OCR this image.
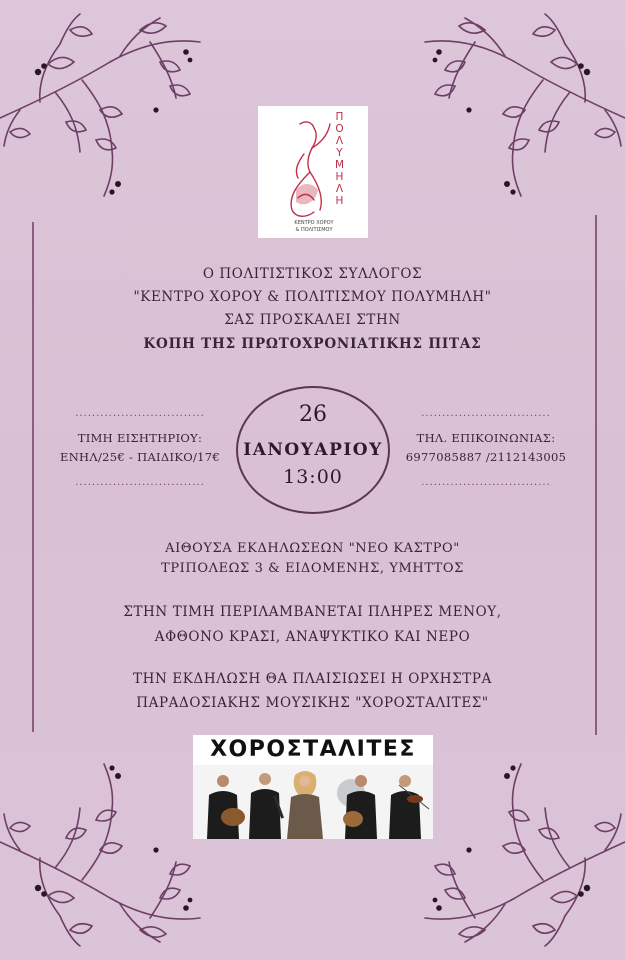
Π Ο Λ Υ Μ Η Λ Η
ΚΕΝΤΡΟ ΧΟΡΟΥ
& ΠΟΛΙΤΙΣΜΟΥ
Ο ΠΟΛΙΤΙΣΤΙΚΟΣ ΣΥΛΛΟΓΟΣ
"ΚΕΝΤΡΟ ΧΟΡΟΥ & ΠΟΛΙΤΙΣΜΟΥ ΠΟΛΥΜΗΛΗ"
ΣΑΣ ΠΡΟΣΚΑΛΕΙ ΣΤΗΝ
ΚΟΠΗ ΤΗΣ ΠΡΩΤΟΧΡΟΝΙΑΤΙΚΗΣ ΠΙΤΑΣ
...............................
ΤΙΜΗ ΕΙΣΗΤΗΡΙΟΥ:
ΕΝΗΛ/25€ - ΠΑΙΔΙΚΟ/17€
...............................
26
ΙΑΝΟΥΑΡΙΟΥ
13:00
...............................
ΤΗΛ. ΕΠΙΚΟΙΝΩΝΙΑΣ:
6977085887 /2112143005
...............................
ΑΙΘΟΥΣΑ ΕΚΔΗΛΩΣΕΩΝ "ΝΕΟ ΚΑΣΤΡΟ"
ΤΡΙΠΟΛΕΩΣ 3 & ΕΙΔΟΜΕΝΗΣ, ΥΜΗΤΤΟΣ
ΣΤΗΝ ΤΙΜΗ ΠΕΡΙΛΑΜΒΑΝΕΤΑΙ ΠΛΗΡΕΣ ΜΕΝΟΥ,
ΑΦΘΟΝΟ ΚΡΑΣΙ, ΑΝΑΨΥΚΤΙΚΟ ΚΑΙ ΝΕΡΟ
ΤΗΝ ΕΚΔΗΛΩΣΗ ΘΑ ΠΛΑΙΣΙΩΣΕΙ Η ΟΡΧΗΣΤΡΑ
ΠΑΡΑΔΟΣΙΑΚΗΣ ΜΟΥΣΙΚΗΣ "ΧΟΡΟΣΤΑΛΙΤΕΣ"
ΧΟΡΟΣΤΑΛΙΤΕΣ
